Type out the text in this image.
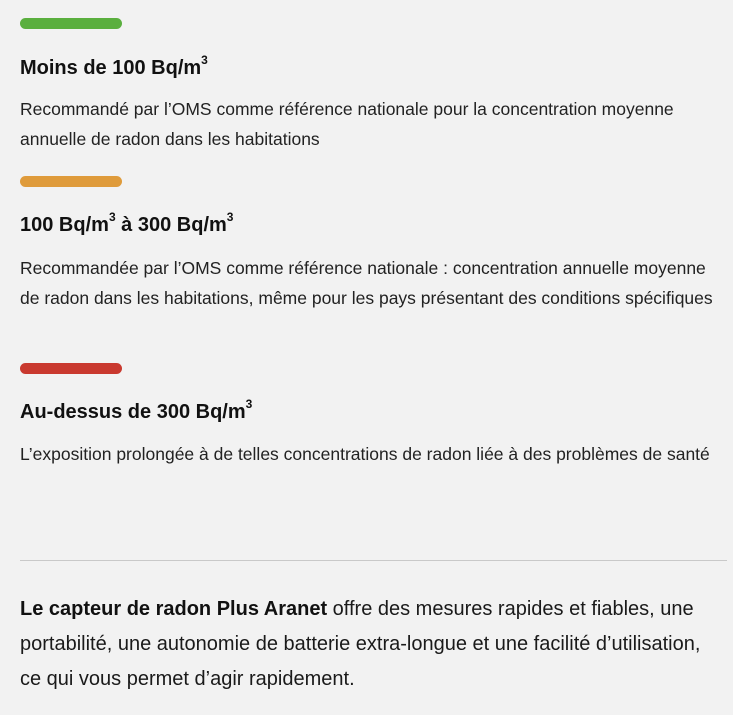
Moins de 100 $Bq/m^3$

Recommandé par l’OMS comme référence nationale pour la concentration moyenne annuelle de radon dans les habitations

100 $Bq/m^3$ à 300 $Bq/m^3$

Recommandée par l’OMS comme référence nationale : concentration annuelle moyenne de radon dans les habitations, même pour les pays présentant des conditions spécifiques

Au-dessus de 300 $Bq/m^3$

L’exposition prolongée à de telles concentrations de radon liée à des problèmes de santé

Le capteur de radon Plus Aranet offre des mesures rapides et fiables, une portabilité, une autonomie de batterie extra-longue et une facilité d’utilisation, ce qui vous permet d’agir rapidement.
